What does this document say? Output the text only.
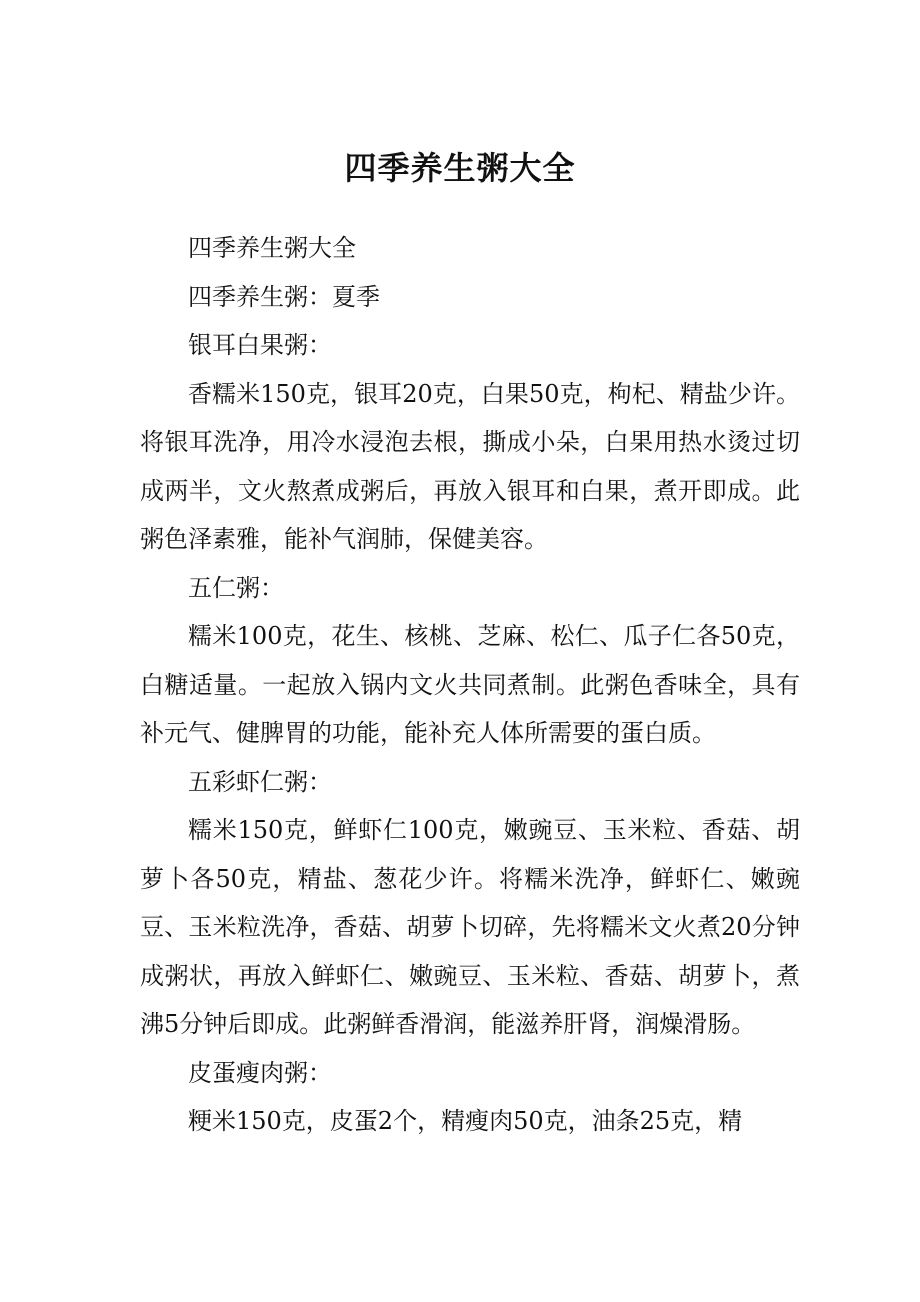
四季养生粥大全

四季养生粥大全

四季养生粥：夏季

银耳白果粥：

香糯米150克，银耳20克，白果50克，枸杞、精盐少许。将银耳洗净，用冷水浸泡去根，撕成小朵，白果用热水烫过切成两半，文火熬煮成粥后，再放入银耳和白果，煮开即成。此粥色泽素雅，能补气润肺，保健美容。

五仁粥：

糯米100克，花生、核桃、芝麻、松仁、瓜子仁各50克，白糖适量。一起放入锅内文火共同煮制。此粥色香味全，具有补元气、健脾胃的功能，能补充人体所需要的蛋白质。

五彩虾仁粥：

糯米150克，鲜虾仁100克，嫩豌豆、玉米粒、香菇、胡萝卜各50克，精盐、葱花少许。将糯米洗净，鲜虾仁、嫩豌豆、玉米粒洗净，香菇、胡萝卜切碎，先将糯米文火煮20分钟成粥状，再放入鲜虾仁、嫩豌豆、玉米粒、香菇、胡萝卜，煮沸5分钟后即成。此粥鲜香滑润，能滋养肝肾，润燥滑肠。

皮蛋瘦肉粥：

粳米150克，皮蛋2个，精瘦肉50克，油条25克，精
